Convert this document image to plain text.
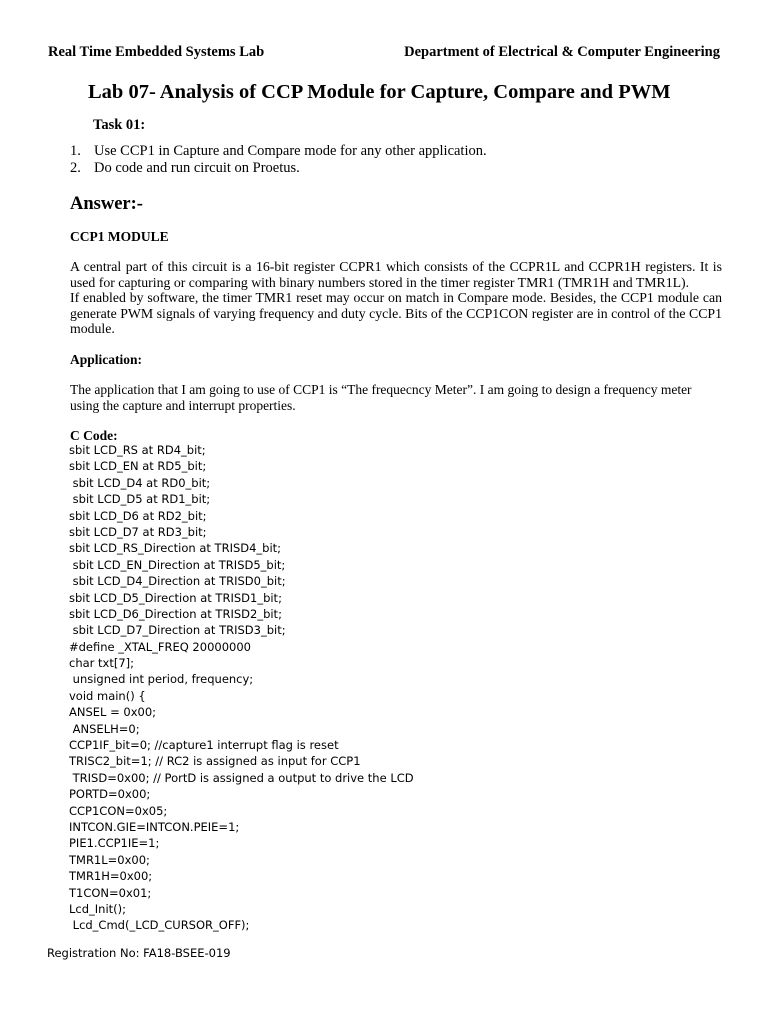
Real Time Embedded Systems Lab	Department of Electrical & Computer Engineering
Lab 07- Analysis of CCP Module for Capture, Compare and PWM
Task 01:
1. Use CCP1 in Capture and Compare mode for any other application.
2. Do code and run circuit on Proetus.
Answer:-
CCP1 MODULE

A central part of this circuit is a 16-bit register CCPR1 which consists of the CCPR1L and CCPR1H registers. It is used for capturing or comparing with binary numbers stored in the timer register TMR1 (TMR1H and TMR1L).

If enabled by software, the timer TMR1 reset may occur on match in Compare mode. Besides, the CCP1 module can generate PWM signals of varying frequency and duty cycle. Bits of the CCP1CON register are in control of the CCP1 module.

Application:

The application that I am going to use of CCP1 is “The frequecncy Meter”. I am going to design a frequency meter using the capture and interrupt properties.

C Code:
sbit LCD_RS at RD4_bit;
sbit LCD_EN at RD5_bit;
sbit LCD_D4 at RD0_bit;
sbit LCD_D5 at RD1_bit;
sbit LCD_D6 at RD2_bit;
sbit LCD_D7 at RD3_bit;
sbit LCD_RS_Direction at TRISD4_bit;
sbit LCD_EN_Direction at TRISD5_bit;
sbit LCD_D4_Direction at TRISD0_bit;
sbit LCD_D5_Direction at TRISD1_bit;
sbit LCD_D6_Direction at TRISD2_bit;
sbit LCD_D7_Direction at TRISD3_bit;
#define _XTAL_FREQ 20000000
char txt[7];
unsigned int period, frequency;
void main() {
ANSEL = 0x00;
ANSELH=0;
CCP1IF_bit=0; //capture1 interrupt flag is reset
TRISC2_bit=1; // RC2 is assigned as input for CCP1
TRISD=0x00; // PortD is assigned a output to drive the LCD
PORTD=0x00;
CCP1CON=0x05;
INTCON.GIE=INTCON.PEIE=1;
PIE1.CCP1IE=1;
TMR1L=0x00;
TMR1H=0x00;
T1CON=0x01;
Lcd_Init();
Lcd_Cmd(_LCD_CURSOR_OFF);
Registration No: FA18-BSEE-019
